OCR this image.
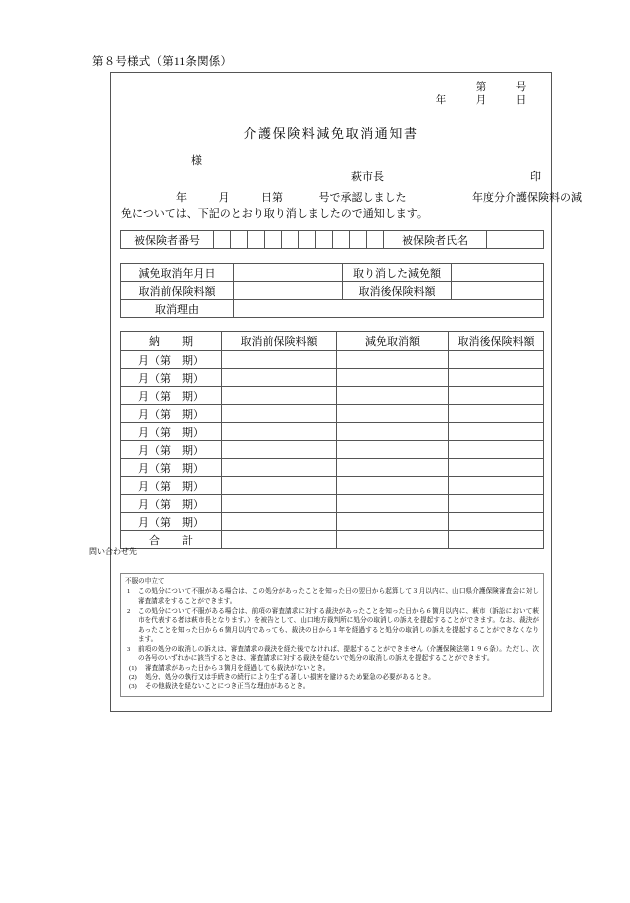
第８号様式（第11条関係）
第	号
年	月	日
介護保険料減免取消通知書
様
萩市長	印
年	月	日第	号で承認しました	年度分介護保険料の減
免については、下記のとおり取り消しましたので通知します。
被保険者番号											被保険者氏名	
減免取消年月日		取り消した減免額	
取消前保険料額		取消後保険料額	
取消理由			
納　　期	取消前保険料額	減免取消額	取消後保険料額
月（第　期）			
月（第　期）			
月（第　期）			
月（第　期）			
月（第　期）			
月（第　期）			
月（第　期）			
月（第　期）			
月（第　期）			
月（第　期）			
合　　計			
問い合わせ先
不服の申立て
1	この処分について不服がある場合は、この処分があったことを知った日の翌日から起算して３月以内に、山口県介護保険審査会に対し審査請求をすることができます。
2	この処分について不服がある場合は、前項の審査請求に対する裁決があったことを知った日から６箇月以内に、萩市（訴訟において萩市を代表する者は萩市長となります。）を被告として、山口地方裁判所に処分の取消しの訴えを提起することができます。なお、裁決があったことを知った日から６箇月以内であっても、裁決の日から１年を経過すると処分の取消しの訴えを提起することができなくなります。
3	前項の処分の取消しの訴えは、審査請求の裁決を経た後でなければ、提起することができません（介護保険法第１９６条）。ただし、次の各号のいずれかに該当するときは、審査請求に対する裁決を経ないで処分の取消しの訴えを提起することができます。
(1)	審査請求があった日から３箇月を経過しても裁決がないとき。
(2)	処分、処分の執行又は手続きの続行により生ずる著しい損害を避けるため緊急の必要があるとき。
(3)	その他裁決を経ないことにつき正当な理由があるとき。
